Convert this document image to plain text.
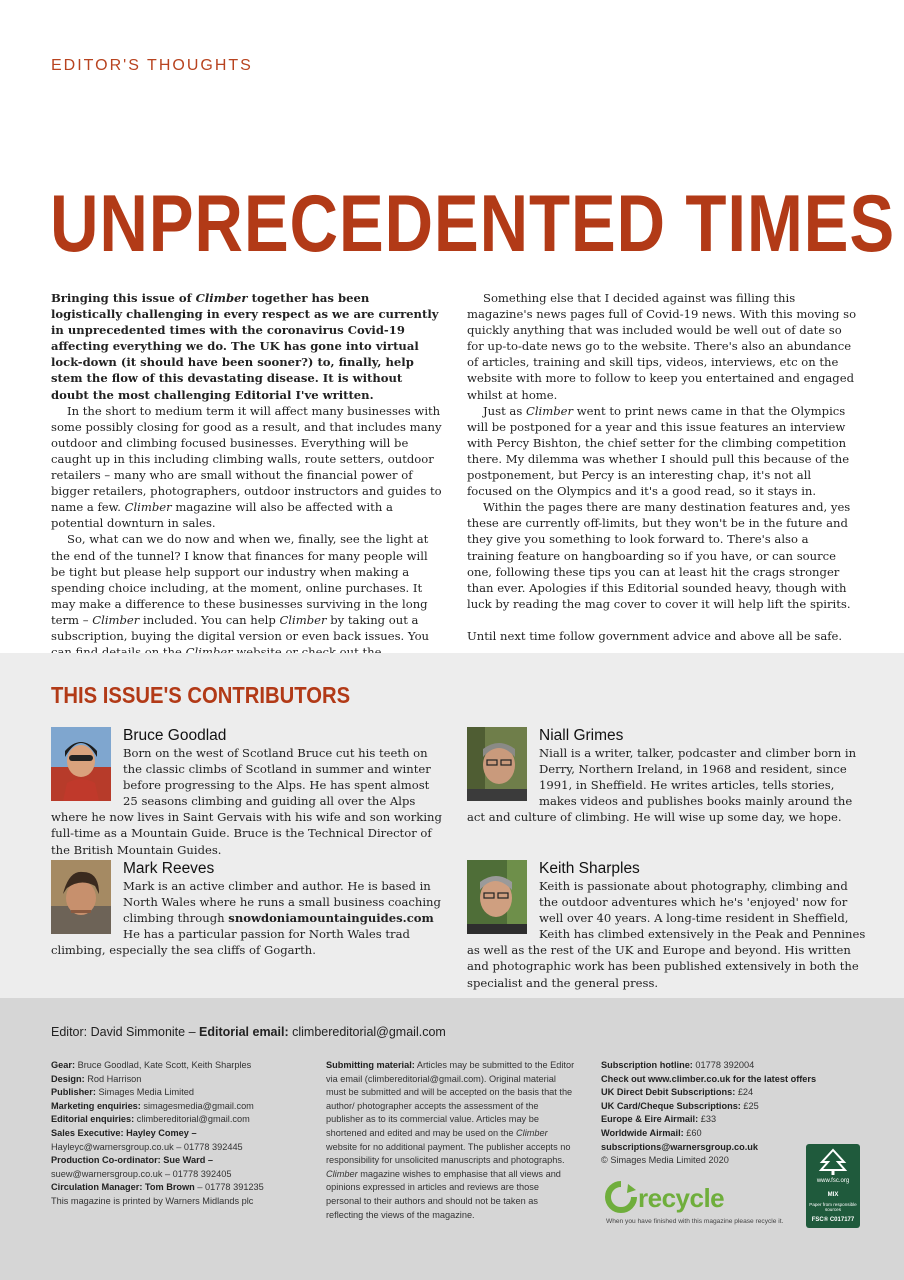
EDITOR'S THOUGHTS
UNPRECEDENTED TIMES

Bringing this issue of Climber together has been logistically challenging in every respect as we are currently in unprecedented times with the coronavirus Covid-19 affecting everything we do. The UK has gone into virtual lock-down (it should have been sooner?) to, finally, help stem the flow of this devastating disease. It is without doubt the most challenging Editorial I've written.

In the short to medium term it will affect many businesses with some possibly closing for good as a result, and that includes many outdoor and climbing focused businesses. Everything will be caught up in this including climbing walls, route setters, outdoor retailers – many who are small without the financial power of bigger retailers, photographers, outdoor instructors and guides to name a few. Climber magazine will also be affected with a potential downturn in sales.

So, what can we do now and when we, finally, see the light at the end of the tunnel? I know that finances for many people will be tight but please help support our industry when making a spending choice including, at the moment, online purchases. It may make a difference to these businesses surviving in the long term – Climber included. You can help Climber by taking out a subscription, buying the digital version or even back issues. You

Something else that I decided against was filling this magazine's news pages full of Covid-19 news. With this moving so quickly anything that was included would be well out of date so for up-to-date news go to the website. There's also an abundance of articles, training and skill tips, videos, interviews, etc on the website with more to follow to keep you entertained and engaged whilst at home.

Just as Climber went to print news came in that the Olympics will be postponed for a year and this issue features an interview with Percy Bishton, the chief setter for the climbing competition there. My dilemma was whether I should pull this because of the postponement, but Percy is an interesting chap, it's not all focused on the Olympics and it's a good read, so it stays in.

Within the pages there are many destination features and, yes these are currently off-limits, but they won't be in the future and they give you something to look forward to. There's also a training feature on hangboarding so if you have, or can source one, following these tips you can at least hit the crags stronger than ever. Apologies if this Editorial sounded heavy, though with luck by reading the mag cover to cover it will help lift the spirits.

Until next time follow government advice and above all be safe.

THIS ISSUE'S CONTRIBUTORS
Bruce Goodlad
Born on the west of Scotland Bruce cut his teeth on the classic climbs of Scotland in summer and winter before progressing to the Alps. He has spent almost 25 seasons climbing and guiding all over the Alps where he now lives in Saint Gervais with his wife and son working full-time as a Mountain Guide. Bruce is the Technical Director of the British Mountain Guides.
Niall Grimes
Niall is a writer, talker, podcaster and climber born in Derry, Northern Ireland, in 1968 and resident, since 1991, in Sheffield. He writes articles, tells stories, makes videos and publishes books mainly around the act and culture of climbing. He will wise up some day, we hope.
Mark Reeves
Mark is an active climber and author. He is based in North Wales where he runs a small business coaching climbing through snowdoniamountainguides.com He has a particular passion for North Wales trad climbing, especially the sea cliffs of Gogarth.
Keith Sharples
Keith is passionate about photography, climbing and the outdoor adventures which he's 'enjoyed' now for well over 40 years. A long-time resident in Sheffield, Keith has climbed extensively in the Peak and Pennines as well as the rest of the UK and Europe and beyond. His written and photographic work has been published extensively in both the specialist and the general press.
Editor: David Simmonite – Editorial email: climbereditorial@gmail.com
Gear: Bruce Goodlad, Kate Scott, Keith Sharples
Design: Rod Harrison
Publisher: Simages Media Limited
Marketing enquiries: simagesmedia@gmail.com
Editorial enquiries: climbereditorial@gmail.com
Sales Executive: Hayley Comey –
Hayleyc@warnersgroup.co.uk – 01778 392445
Production Co-ordinator: Sue Ward –
suew@warnersgroup.co.uk – 01778 392405
Circulation Manager: Tom Brown – 01778 391235
This magazine is printed by Warners Midlands plc
Submitting material: Articles may be submitted to the Editor via email (climbereditorial@gmail.com). Original material must be submitted and will be accepted on the basis that the author/ photographer accepts the assessment of the publisher as to its commercial value. Articles may be shortened and edited and may be used on the Climber website for no additional payment. The publisher accepts no responsibility for unsolicited manuscripts and photographs. Climber magazine wishes to emphasise that all views and opinions expressed in articles and reviews are those personal to their authors and should not be taken as reflecting the views of the magazine.
Subscription hotline: 01778 392004
Check out www.climber.co.uk for the latest offers
UK Direct Debit Subscriptions: £24
UK Card/Cheque Subscriptions: £25
Europe & Eire Airmail: £33
Worldwide Airmail: £60
subscriptions@warnersgroup.co.uk
© Simages Media Limited 2020
recycle
When you have finished with this magazine please recycle it.
www.fsc.org
MIX
Paper from responsible sources
FSC® C017177
